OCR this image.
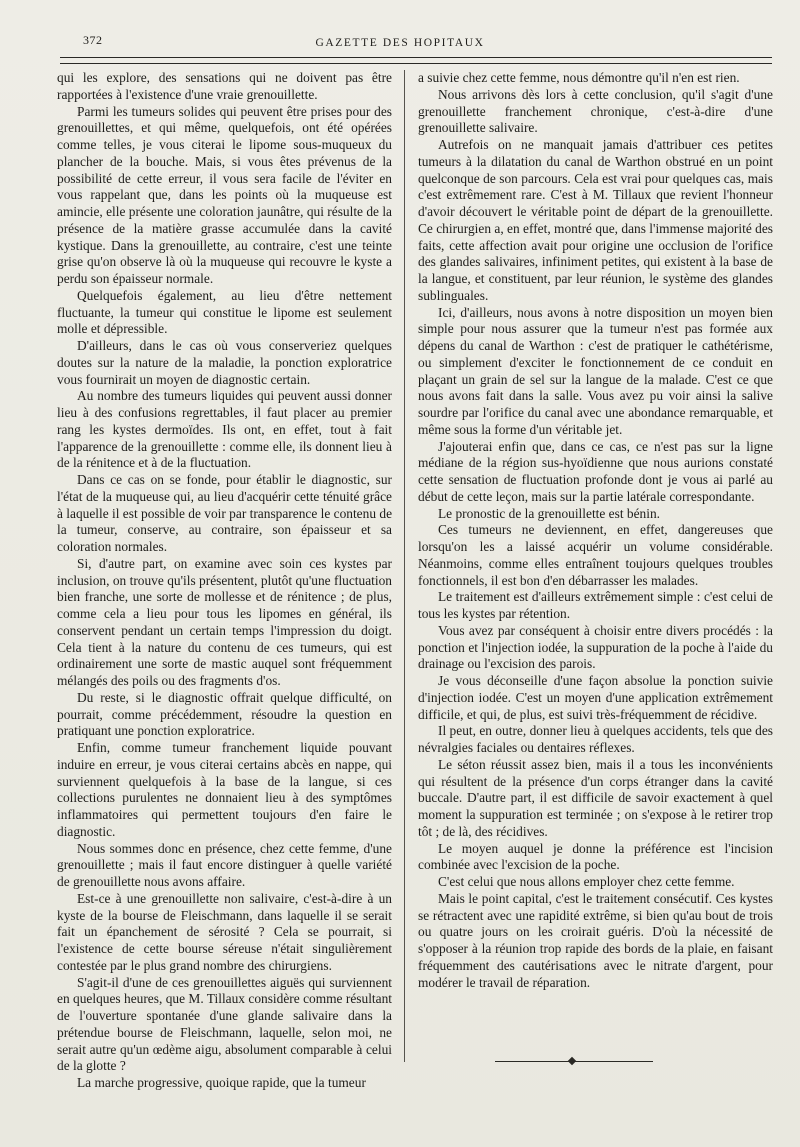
372	GAZETTE DES HOPITAUX

qui les explore, des sensations qui ne doivent pas être rapportées à l'existence d'une vraie grenouillette.

Parmi les tumeurs solides qui peuvent être prises pour des grenouillettes, et qui même, quelquefois, ont été opérées comme telles, je vous citerai le lipome sous-muqueux du plancher de la bouche. Mais, si vous êtes prévenus de la possibilité de cette erreur, il vous sera facile de l'éviter en vous rappelant que, dans les points où la muqueuse est amincie, elle présente une coloration jaunâtre, qui résulte de la présence de la matière grasse accumulée dans la cavité kystique. Dans la grenouillette, au contraire, c'est une teinte grise qu'on observe là où la muqueuse qui recouvre le kyste a perdu son épaisseur normale.

Quelquefois également, au lieu d'être nettement fluctuante, la tumeur qui constitue le lipome est seulement molle et dépressible.

D'ailleurs, dans le cas où vous conserveriez quelques doutes sur la nature de la maladie, la ponction exploratrice vous fournirait un moyen de diagnostic certain.

Au nombre des tumeurs liquides qui peuvent aussi donner lieu à des confusions regrettables, il faut placer au premier rang les kystes dermoïdes. Ils ont, en effet, tout à fait l'apparence de la grenouillette : comme elle, ils donnent lieu à de la rénitence et à de la fluctuation.

Dans ce cas on se fonde, pour établir le diagnostic, sur l'état de la muqueuse qui, au lieu d'acquérir cette ténuité grâce à laquelle il est possible de voir par transparence le contenu de la tumeur, conserve, au contraire, son épaisseur et sa coloration normales.

Si, d'autre part, on examine avec soin ces kystes par inclusion, on trouve qu'ils présentent, plutôt qu'une fluctuation bien franche, une sorte de mollesse et de rénitence ; de plus, comme cela a lieu pour tous les lipomes en général, ils conservent pendant un certain temps l'impression du doigt. Cela tient à la nature du contenu de ces tumeurs, qui est ordinairement une sorte de mastic auquel sont fréquemment mélangés des poils ou des fragments d'os.

Du reste, si le diagnostic offrait quelque difficulté, on pourrait, comme précédemment, résoudre la question en pratiquant une ponction exploratrice.

Enfin, comme tumeur franchement liquide pouvant induire en erreur, je vous citerai certains abcès en nappe, qui surviennent quelquefois à la base de la langue, si ces collections purulentes ne donnaient lieu à des symptômes inflammatoires qui permettent toujours d'en faire le diagnostic.

Nous sommes donc en présence, chez cette femme, d'une grenouillette ; mais il faut encore distinguer à quelle variété de grenouillette nous avons affaire.

Est-ce à une grenouillette non salivaire, c'est-à-dire à un kyste de la bourse de Fleischmann, dans laquelle il se serait fait un épanchement de sérosité ? Cela se pourrait, si l'existence de cette bourse séreuse n'était singulièrement contestée par le plus grand nombre des chirurgiens.

S'agit-il d'une de ces grenouillettes aiguës qui surviennent en quelques heures, que M. Tillaux considère comme résultant de l'ouverture spontanée d'une glande salivaire dans la prétendue bourse de Fleischmann, laquelle, selon moi, ne serait autre qu'un œdème aigu, absolument comparable à celui de la glotte ?

La marche progressive, quoique rapide, que la tumeur

a suivie chez cette femme, nous démontre qu'il n'en est rien.

Nous arrivons dès lors à cette conclusion, qu'il s'agit d'une grenouillette franchement chronique, c'est-à-dire d'une grenouillette salivaire.

Autrefois on ne manquait jamais d'attribuer ces petites tumeurs à la dilatation du canal de Warthon obstrué en un point quelconque de son parcours. Cela est vrai pour quelques cas, mais c'est extrêmement rare. C'est à M. Tillaux que revient l'honneur d'avoir découvert le véritable point de départ de la grenouillette. Ce chirurgien a, en effet, montré que, dans l'immense majorité des faits, cette affection avait pour origine une occlusion de l'orifice des glandes salivaires, infiniment petites, qui existent à la base de la langue, et constituent, par leur réunion, le système des glandes sublinguales.

Ici, d'ailleurs, nous avons à notre disposition un moyen bien simple pour nous assurer que la tumeur n'est pas formée aux dépens du canal de Warthon : c'est de pratiquer le cathétérisme, ou simplement d'exciter le fonctionnement de ce conduit en plaçant un grain de sel sur la langue de la malade. C'est ce que nous avons fait dans la salle. Vous avez pu voir ainsi la salive sourdre par l'orifice du canal avec une abondance remarquable, et même sous la forme d'un véritable jet.

J'ajouterai enfin que, dans ce cas, ce n'est pas sur la ligne médiane de la région sus-hyoïdienne que nous aurions constaté cette sensation de fluctuation profonde dont je vous ai parlé au début de cette leçon, mais sur la partie latérale correspondante.

Le pronostic de la grenouillette est bénin.

Ces tumeurs ne deviennent, en effet, dangereuses que lorsqu'on les a laissé acquérir un volume considérable. Néanmoins, comme elles entraînent toujours quelques troubles fonctionnels, il est bon d'en débarrasser les malades.

Le traitement est d'ailleurs extrêmement simple : c'est celui de tous les kystes par rétention.

Vous avez par conséquent à choisir entre divers procédés : la ponction et l'injection iodée, la suppuration de la poche à l'aide du drainage ou l'excision des parois.

Je vous déconseille d'une façon absolue la ponction suivie d'injection iodée. C'est un moyen d'une application extrêmement difficile, et qui, de plus, est suivi très-fréquemment de récidive.

Il peut, en outre, donner lieu à quelques accidents, tels que des névralgies faciales ou dentaires réflexes.

Le séton réussit assez bien, mais il a tous les inconvénients qui résultent de la présence d'un corps étranger dans la cavité buccale. D'autre part, il est difficile de savoir exactement à quel moment la suppuration est terminée ; on s'expose à le retirer trop tôt ; de là, des récidives.

Le moyen auquel je donne la préférence est l'incision combinée avec l'excision de la poche.

C'est celui que nous allons employer chez cette femme.

Mais le point capital, c'est le traitement consécutif. Ces kystes se rétractent avec une rapidité extrême, si bien qu'au bout de trois ou quatre jours on les croirait guéris. D'où la nécessité de s'opposer à la réunion trop rapide des bords de la plaie, en faisant fréquemment des cautérisations avec le nitrate d'argent, pour modérer le travail de réparation.
